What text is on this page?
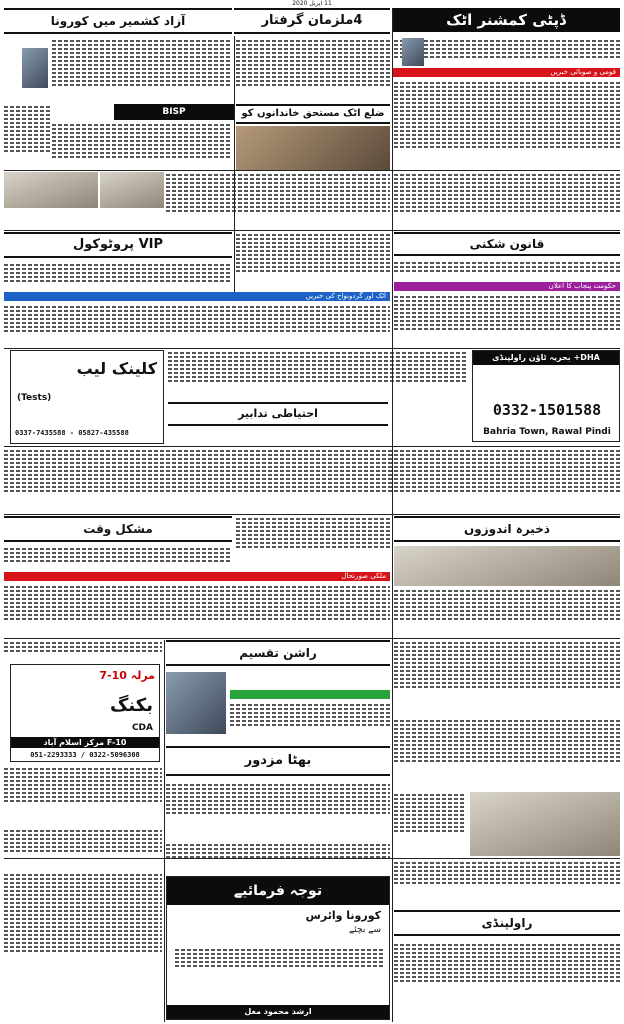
11 اپریل 2020
ڈپٹی کمشنر اٹک
4ملزمان گرفتار
آزاد کشمیر میں کورونا
قومی و صوبائی خبریں
ضلع اٹک مستحق خاندانوں کو
BISP
VIP پروٹوکول	قانون شکنی
اٹک اور گردونواح کی خبریں
حکومت پنجاب کا اعلان
کلینک لیب
(Tests)
0337-7435588 - 05827-435588
DHA+ بحریہ ٹاؤن راولپنڈی
0332-1501588
Bahria Town, Rawal Pindi
احتیاطی تدابیر
ذخیرہ اندوزوں
مشکل وقت
ملکی صورتحال
راشن تقسیم
7-10 مرلہ
بکنگ
CDA
F-10 مرکز اسلام آباد
051-2293333 / 0322-5096308	بھٹا مزدور
توجہ فرمائیے
کورونا وائرس
سے بچئے
ارشد محمود مغل
راولپنڈی
